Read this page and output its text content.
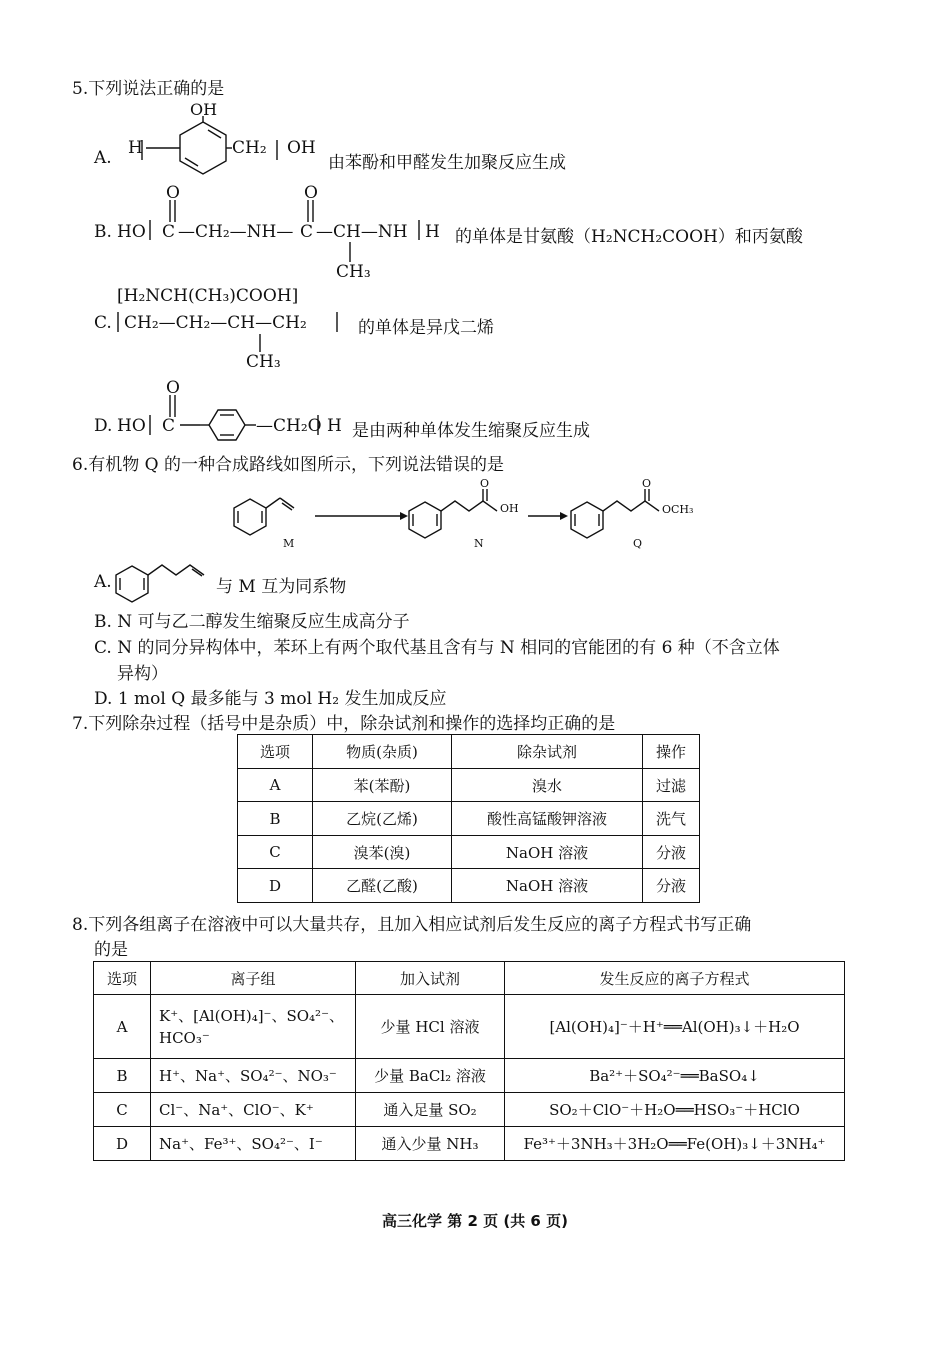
5.下列说法正确的是
A.
OH
H	CH₂ OH
由苯酚和甲醛发生加聚反应生成
O	O
B. HO C —CH₂—NH— C —CH—NH H
CH₃
的单体是甘氨酸（H₂NCH₂COOH）和丙氨酸
[H₂NCH(CH₃)COOH]
C. CH₂—CH₂—CH—CH₂
CH₃
的单体是异戊二烯
O
D. HO C	—CH₂O H 是由两种单体发生缩聚反应生成
6.有机物 Q 的一种合成路线如图所示，下列说法错误的是
M	N	Q
O
OH
O
OCH₃
A.	与 M 互为同系物
B. N 可与乙二醇发生缩聚反应生成高分子
C. N 的同分异构体中，苯环上有两个取代基且含有与 N 相同的官能团的有 6 种（不含立体
异构）
D. 1 mol Q 最多能与 3 mol H₂ 发生加成反应
7.下列除杂过程（括号中是杂质）中，除杂试剂和操作的选择均正确的是
选项	物质(杂质)	除杂试剂	操作
A	苯(苯酚)	溴水	过滤
B	乙烷(乙烯)	酸性高锰酸钾溶液	洗气
C	溴苯(溴)	NaOH 溶液	分液
D	乙醛(乙酸)	NaOH 溶液	分液
8.下列各组离子在溶液中可以大量共存，且加入相应试剂后发生反应的离子方程式书写正确
的是
选项	离子组	加入试剂	发生反应的离子方程式
A	K⁺、[Al(OH)₄]⁻、SO₄²⁻、HCO₃⁻	少量 HCl 溶液	[Al(OH)₄]⁻＋H⁺══Al(OH)₃↓＋H₂O
B	H⁺、Na⁺、SO₄²⁻、NO₃⁻	少量 BaCl₂ 溶液	Ba²⁺＋SO₄²⁻══BaSO₄↓
C	Cl⁻、Na⁺、ClO⁻、K⁺	通入足量 SO₂	SO₂＋ClO⁻＋H₂O══HSO₃⁻＋HClO
D	Na⁺、Fe³⁺、SO₄²⁻、I⁻	通入少量 NH₃	Fe³⁺＋3NH₃＋3H₂O══Fe(OH)₃↓＋3NH₄⁺
高三化学 第 2 页 (共 6 页)
